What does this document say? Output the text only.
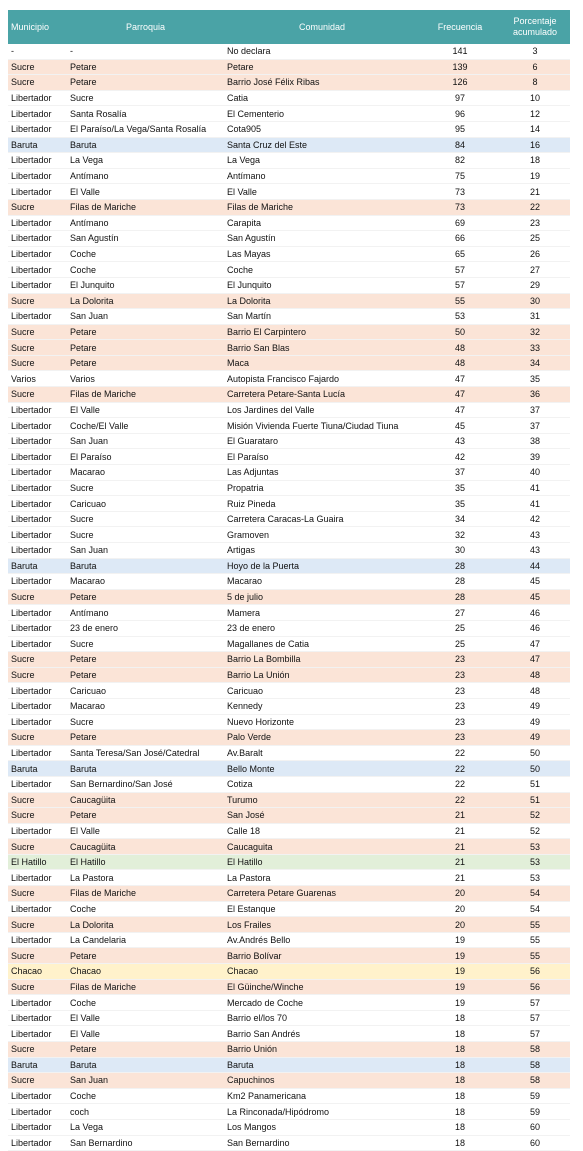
Municipio	Parroquia	Comunidad	Frecuencia	Porcentaje acumulado
-	-	No declara	141	3
Sucre	Petare	Petare	139	6
Sucre	Petare	Barrio José Félix Ribas	126	8
Libertador	Sucre	Catia	97	10
Libertador	Santa Rosalía	El Cementerio	96	12
Libertador	El Paraíso/La Vega/Santa Rosalía	Cota905	95	14
Baruta	Baruta	Santa Cruz del Este	84	16
Libertador	La Vega	La Vega	82	18
Libertador	Antímano	Antímano	75	19
Libertador	El Valle	El Valle	73	21
Sucre	Filas de Mariche	Filas de Mariche	73	22
Libertador	Antímano	Carapita	69	23
Libertador	San Agustín	San Agustín	66	25
Libertador	Coche	Las Mayas	65	26
Libertador	Coche	Coche	57	27
Libertador	El Junquito	El Junquito	57	29
Sucre	La Dolorita	La Dolorita	55	30
Libertador	San Juan	San Martín	53	31
Sucre	Petare	Barrio El Carpintero	50	32
Sucre	Petare	Barrio San Blas	48	33
Sucre	Petare	Maca	48	34
Varios	Varios	Autopista Francisco Fajardo	47	35
Sucre	Filas de Mariche	Carretera Petare-Santa Lucía	47	36
Libertador	El Valle	Los Jardines del Valle	47	37
Libertador	Coche/El Valle	Misión Vivienda Fuerte Tiuna/Ciudad Tiuna	45	37
Libertador	San Juan	El Guarataro	43	38
Libertador	El Paraíso	El Paraíso	42	39
Libertador	Macarao	Las Adjuntas	37	40
Libertador	Sucre	Propatria	35	41
Libertador	Caricuao	Ruiz Pineda	35	41
Libertador	Sucre	Carretera Caracas-La Guaira	34	42
Libertador	Sucre	Gramoven	32	43
Libertador	San Juan	Artigas	30	43
Baruta	Baruta	Hoyo de la Puerta	28	44
Libertador	Macarao	Macarao	28	45
Sucre	Petare	5 de julio	28	45
Libertador	Antímano	Mamera	27	46
Libertador	23 de enero	23 de enero	25	46
Libertador	Sucre	Magallanes de Catia	25	47
Sucre	Petare	Barrio La Bombilla	23	47
Sucre	Petare	Barrio La Unión	23	48
Libertador	Caricuao	Caricuao	23	48
Libertador	Macarao	Kennedy	23	49
Libertador	Sucre	Nuevo Horizonte	23	49
Sucre	Petare	Palo Verde	23	49
Libertador	Santa Teresa/San José/Catedral	Av.Baralt	22	50
Baruta	Baruta	Bello Monte	22	50
Libertador	San Bernardino/San José	Cotiza	22	51
Sucre	Caucagüita	Turumo	22	51
Sucre	Petare	San José	21	52
Libertador	El Valle	Calle 18	21	52
Sucre	Caucagüita	Caucaguita	21	53
El Hatillo	El Hatillo	El Hatillo	21	53
Libertador	La Pastora	La Pastora	21	53
Sucre	Filas de Mariche	Carretera Petare Guarenas	20	54
Libertador	Coche	El Estanque	20	54
Sucre	La Dolorita	Los Frailes	20	55
Libertador	La Candelaria	Av.Andrés Bello	19	55
Sucre	Petare	Barrio Bolívar	19	55
Chacao	Chacao	Chacao	19	56
Sucre	Filas de Mariche	El Güinche/Winche	19	56
Libertador	Coche	Mercado de Coche	19	57
Libertador	El Valle	Barrio el/los 70	18	57
Libertador	El Valle	Barrio San Andrés	18	57
Sucre	Petare	Barrio Unión	18	58
Baruta	Baruta	Baruta	18	58
Sucre	San Juan	Capuchinos	18	58
Libertador	Coche	Km2 Panamericana	18	59
Libertador	coch	La Rinconada/Hipódromo	18	59
Libertador	La Vega	Los Mangos	18	60
Libertador	San Bernardino	San Bernardino	18	60
